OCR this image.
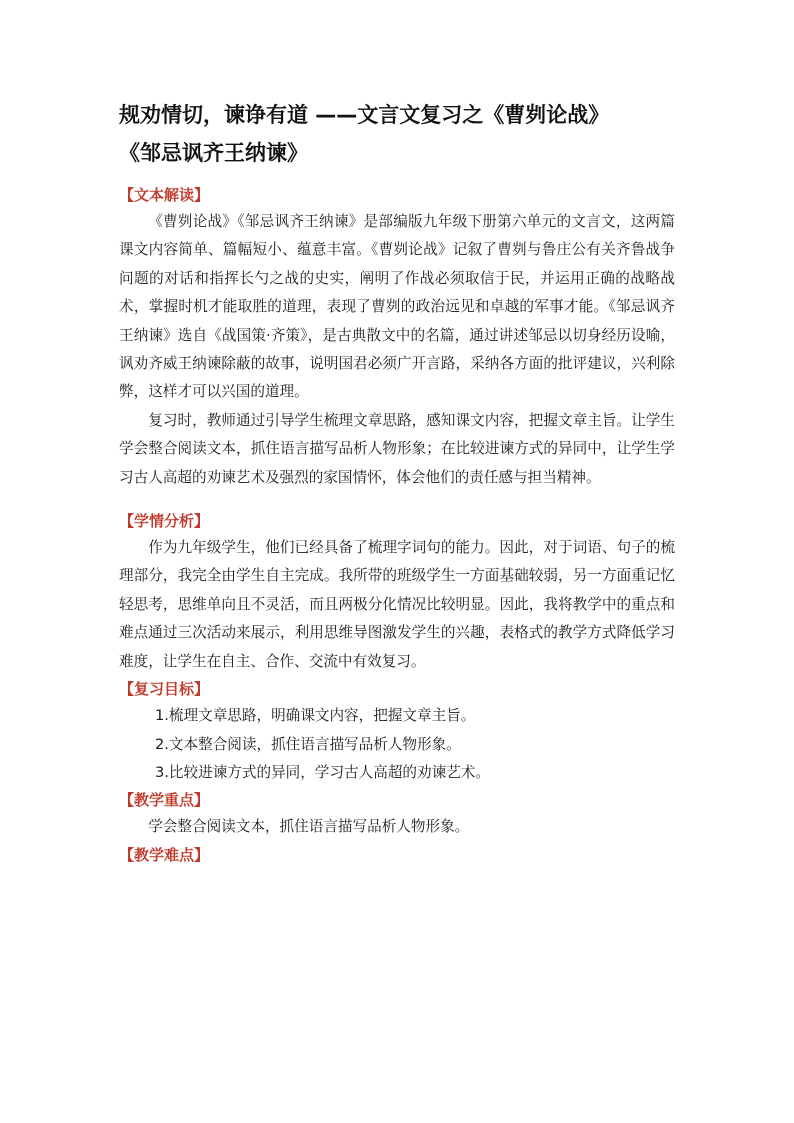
规劝情切，谏诤有道 ——文言文复习之《曹刿论战》
《邹忌讽齐王纳谏》

【文本解读】

《曹刿论战》《邹忌讽齐王纳谏》是部编版九年级下册第六单元的文言文，这两篇课文内容简单、篇幅短小、蕴意丰富。《曹刿论战》记叙了曹刿与鲁庄公有关齐鲁战争问题的对话和指挥长勺之战的史实，阐明了作战必须取信于民，并运用正确的战略战术，掌握时机才能取胜的道理，表现了曹刿的政治远见和卓越的军事才能。《邹忌讽齐王纳谏》选自《战国策·齐策》，是古典散文中的名篇，通过讲述邹忌以切身经历设喻，讽劝齐威王纳谏除蔽的故事，说明国君必须广开言路，采纳各方面的批评建议，兴利除弊，这样才可以兴国的道理。

复习时，教师通过引导学生梳理文章思路，感知课文内容，把握文章主旨。让学生学会整合阅读文本，抓住语言描写品析人物形象；在比较进谏方式的异同中，让学生学习古人高超的劝谏艺术及强烈的家国情怀，体会他们的责任感与担当精神。

【学情分析】

作为九年级学生，他们已经具备了梳理字词句的能力。因此，对于词语、句子的梳理部分，我完全由学生自主完成。我所带的班级学生一方面基础较弱，另一方面重记忆轻思考，思维单向且不灵活，而且两极分化情况比较明显。因此，我将教学中的重点和难点通过三次活动来展示，利用思维导图激发学生的兴趣，表格式的教学方式降低学习难度，让学生在自主、合作、交流中有效复习。

【复习目标】

1.梳理文章思路，明确课文内容，把握文章主旨。

2.文本整合阅读，抓住语言描写品析人物形象。

3.比较进谏方式的异同，学习古人高超的劝谏艺术。

【教学重点】

学会整合阅读文本，抓住语言描写品析人物形象。

【教学难点】
